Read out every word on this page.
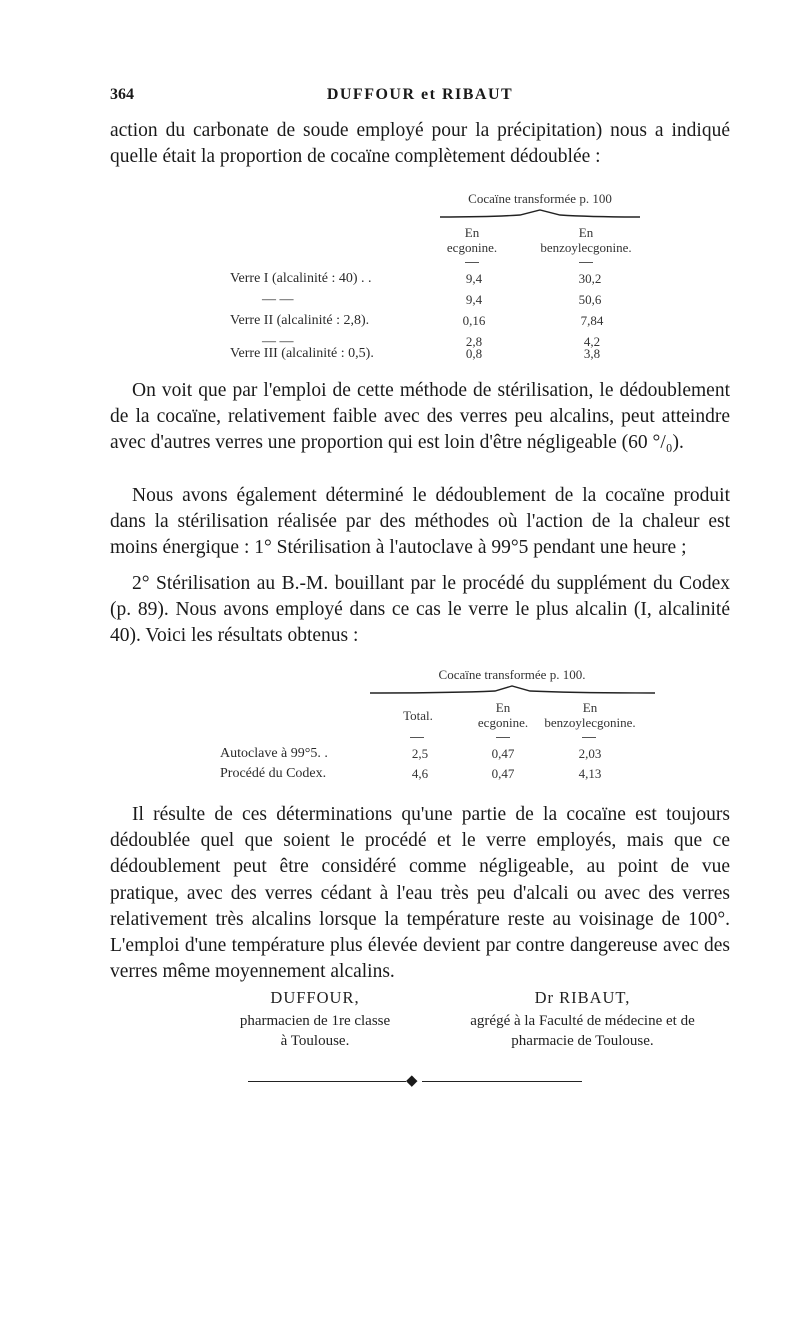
364	DUFFOUR et RIBAUT

action du carbonate de soude employé pour la précipitation) nous a indiqué quelle était la proportion de cocaïne complètement dédoublée :

Cocaïne transformée p. 100
En
ecgonine.
En
benzoylecgonine.
Verre I (alcalinité : 40) . .	9,4	30,2
— —	9,4	50,6
Verre II (alcalinité : 2,8).	0,16	7,84
— —	2,8	4,2
Verre III (alcalinité : 0,5).	0,8	3,8

On voit que par l'emploi de cette méthode de stérilisation, le dédoublement de la cocaïne, relativement faible avec des verres peu alcalins, peut atteindre avec d'autres verres une proportion qui est loin d'être négligeable (60 °/₀).

Nous avons également déterminé le dédoublement de la cocaïne produit dans la stérilisation réalisée par des méthodes où l'action de la chaleur est moins énergique : 1° Stérilisation à l'autoclave à 99°5 pendant une heure ;

2° Stérilisation au B.-M. bouillant par le procédé du supplément du Codex (p. 89). Nous avons employé dans ce cas le verre le plus alcalin (I, alcalinité 40). Voici les résultats obtenus :

Cocaïne transformée p. 100.
Total.
En
ecgonine.
En
benzoylecgonine.
Autoclave à 99°5. .	2,5	0,47	2,03
Procédé du Codex.	4,6	0,47	4,13

Il résulte de ces déterminations qu'une partie de la cocaïne est toujours dédoublée quel que soient le procédé et le verre employés, mais que ce dédoublement peut être considéré comme négligeable, au point de vue pratique, avec des verres cédant à l'eau très peu d'alcali ou avec des verres relativement très alcalins lorsque la température reste au voisinage de 100°. L'emploi d'une température plus élevée devient par contre dangereuse avec des verres même moyennement alcalins.

DUFFOUR,
pharmacien de 1re classe
à Toulouse.
Dr RIBAUT,
agrégé à la Faculté de médecine et de
pharmacie de Toulouse.
◆
